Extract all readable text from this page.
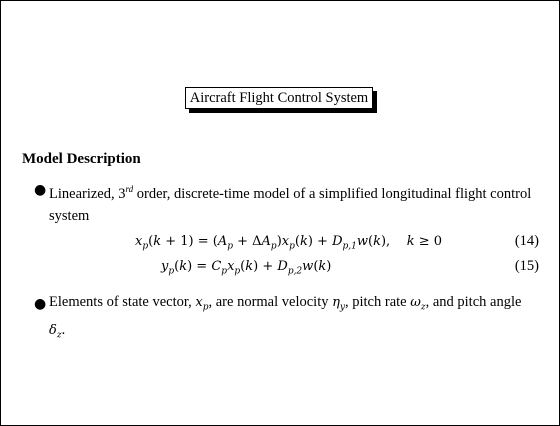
Aircraft Flight Control System
Model Description
● Linearized, 3rd order, discrete-time model of a simplified longitudinal flight control system
$x_p(k + 1) = (A_p + \Delta A_p)x_p(k) + D_{p,1}w(k)$,    k ≥ 0	(14)
$y_p(k) = C_px_p(k) + D_{p,2}w(k)$	(15)
● Elements of state vector, $x_p$, are normal velocity $\eta_y$, pitch rate $\omega_z$, and pitch angle
$\delta_z$.
